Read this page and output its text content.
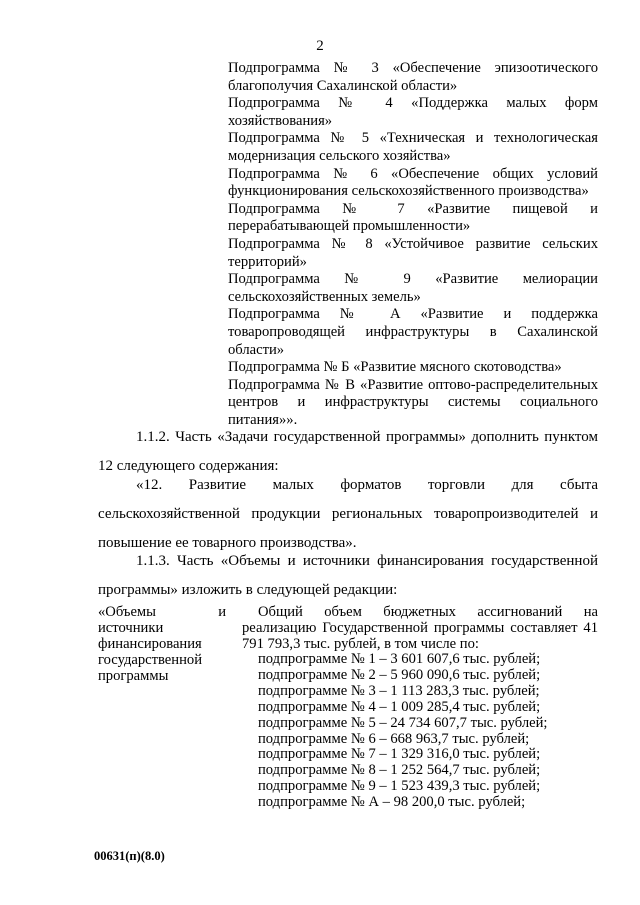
2

Подпрограмма № 3 «Обеспечение эпизоотического благополучия Сахалинской области»

Подпрограмма № 4 «Поддержка малых форм хозяйствования»

Подпрограмма № 5 «Техническая и технологическая модернизация сельского хозяйства»

Подпрограмма № 6 «Обеспечение общих условий функционирования сельскохозяйственного производства»

Подпрограмма № 7 «Развитие пищевой и перерабатывающей промышленности»

Подпрограмма № 8 «Устойчивое развитие сельских территорий»

Подпрограмма № 9 «Развитие мелиорации сельскохозяйственных земель»

Подпрограмма № А «Развитие и поддержка товаропроводящей инфраструктуры в Сахалинской области»

Подпрограмма № Б «Развитие мясного скотоводства»

Подпрограмма № В «Развитие оптово-распределительных центров и инфраструктуры системы социального питания»».

1.1.2. Часть «Задачи государственной программы» дополнить пунктом 12 следующего содержания:

«12. Развитие малых форматов торговли для сбыта сельскохозяйственной продукции региональных товаропроизводителей и повышение ее товарного производства».

1.1.3. Часть «Объемы и источники финансирования государственной программы» изложить в следующей редакции:

«Объемы и источники финансирования государственной программы

Общий объем бюджетных ассигнований на реализацию Государственной программы составляет 41 791 793,3 тыс. рублей, в том числе по:

подпрограмме № 1 – 3 601 607,6 тыс. рублей;
подпрограмме № 2 – 5 960 090,6 тыс. рублей;
подпрограмме № 3 – 1 113 283,3 тыс. рублей;
подпрограмме № 4 – 1 009 285,4 тыс. рублей;
подпрограмме № 5 – 24 734 607,7 тыс. рублей;
подпрограмме № 6 – 668 963,7 тыс. рублей;
подпрограмме № 7 – 1 329 316,0 тыс. рублей;
подпрограмме № 8 – 1 252 564,7 тыс. рублей;
подпрограмме № 9 – 1 523 439,3 тыс. рублей;
подпрограмме № А – 98 200,0 тыс. рублей;
00631(п)(8.0)
